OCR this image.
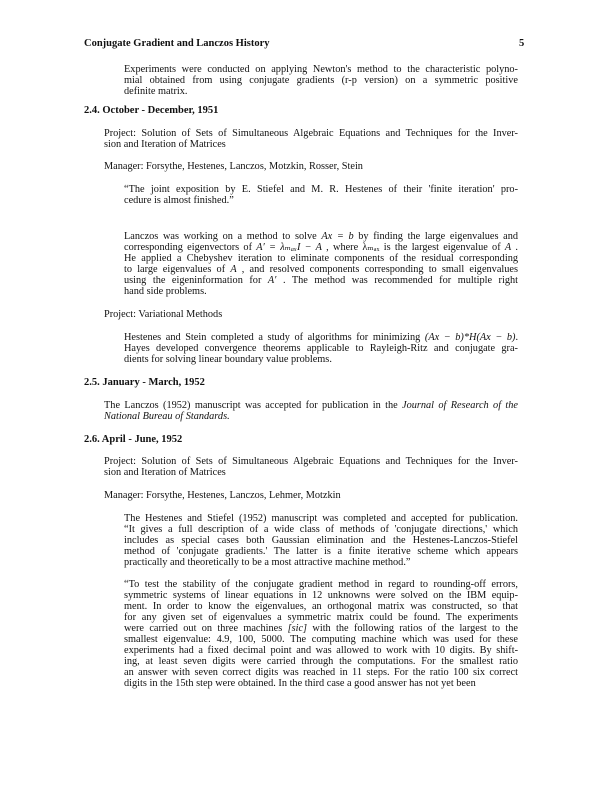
Conjugate Gradient and Lanczos History	5
Experiments were conducted on applying Newton's method to the characteristic polyno-
mial obtained from using conjugate gradients (r-p version) on a symmetric positive
definite matrix.
2.4. October - December, 1951
Project: Solution of Sets of Simultaneous Algebraic Equations and Techniques for the Inver-
sion and Iteration of Matrices
Manager: Forsythe, Hestenes, Lanczos, Motzkin, Rosser, Stein
“The joint exposition by E. Stiefel and M. R. Hestenes of their 'finite iteration' pro-
cedure is almost finished.”
Lanczos was working on a method to solve Ax = b by finding the large eigenvalues and
corresponding eigenvectors of A′ = λₘₐₓI − A , where λₘₐₓ is the largest eigenvalue of A .
He applied a Chebyshev iteration to eliminate components of the residual corresponding
to large eigenvalues of A , and resolved components corresponding to small eigenvalues
using the eigeninformation for A′ . The method was recommended for multiple right
hand side problems.
Project: Variational Methods
Hestenes and Stein completed a study of algorithms for minimizing (Ax − b)*H(Ax − b).
Hayes developed convergence theorems applicable to Rayleigh-Ritz and conjugate gra-
dients for solving linear boundary value problems.
2.5. January - March, 1952
The Lanczos (1952) manuscript was accepted for publication in the Journal of Research of the
National Bureau of Standards.
2.6. April - June, 1952
Project: Solution of Sets of Simultaneous Algebraic Equations and Techniques for the Inver-
sion and Iteration of Matrices
Manager: Forsythe, Hestenes, Lanczos, Lehmer, Motzkin
The Hestenes and Stiefel (1952) manuscript was completed and accepted for publication.
“It gives a full description of a wide class of methods of 'conjugate directions,' which
includes as special cases both Gaussian elimination and the Hestenes-Lanczos-Stiefel
method of 'conjugate gradients.' The latter is a finite iterative scheme which appears
practically and theoretically to be a most attractive machine method.”
“To test the stability of the conjugate gradient method in regard to rounding-off errors,
symmetric systems of linear equations in 12 unknowns were solved on the IBM equip-
ment. In order to know the eigenvalues, an orthogonal matrix was constructed, so that
for any given set of eigenvalues a symmetric matrix could be found. The experiments
were carried out on three machines [sic] with the following ratios of the largest to the
smallest eigenvalue: 4.9, 100, 5000. The computing machine which was used for these
experiments had a fixed decimal point and was allowed to work with 10 digits. By shift-
ing, at least seven digits were carried through the computations. For the smallest ratio
an answer with seven correct digits was reached in 11 steps. For the ratio 100 six correct
digits in the 15th step were obtained. In the third case a good answer has not yet been
